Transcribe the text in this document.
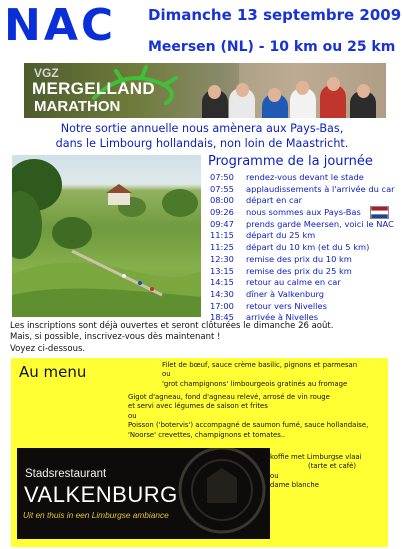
NAC Dimanche 13 septembre 2009
Meersen (NL) - 10 km ou 25 km
VGZ
MERGELLAND
MARATHON
Notre sortie annuelle nous amènera aux Pays-Bas,
dans le Limbourg hollandais, non loin de Maastricht.
Programme de la journée
07:50 rendez-vous devant le stade
07:55 applaudissements à l'arrivée du car
08:00 départ en car
09:26 nous sommes aux Pays-Bas
09:47 prends garde Meersen, voici le NAC
11:15 départ du 25 km
11:25 départ du 10 km (et du 5 km)
12:30 remise des prix du 10 km
13:15 remise des prix du 25 km
14:15 retour au calme en car
14:30 dîner à Valkenburg
17:00 retour vers Nivelles
18:45 arrivée à Nivelles
Les inscriptions sont déjà ouvertes et seront clôturées le dimanche 26 août.
Mais, si possible, inscrivez-vous dès maintenant !
Voyez ci-dessous.
Au menu	Filet de bœuf, sauce crème basilic, pignons et parmesan
ou
'grot champignons' limbourgeois gratinés au fromage
Gigot d'agneau, fond d'agneau relevé, arrosé de vin rouge
et servi avec légumes de saison et frites
ou
Poisson ('botervis') accompagné de saumon fumé, sauce hollandaise,
'Noorse' crevettes, champignons et tomates..
koffie met Limburgse vlaai
(tarte et café)
ou
dame blanche
Stadsrestaurant
VALKENBURG
Uit en thuis in een Limburgse ambiance
